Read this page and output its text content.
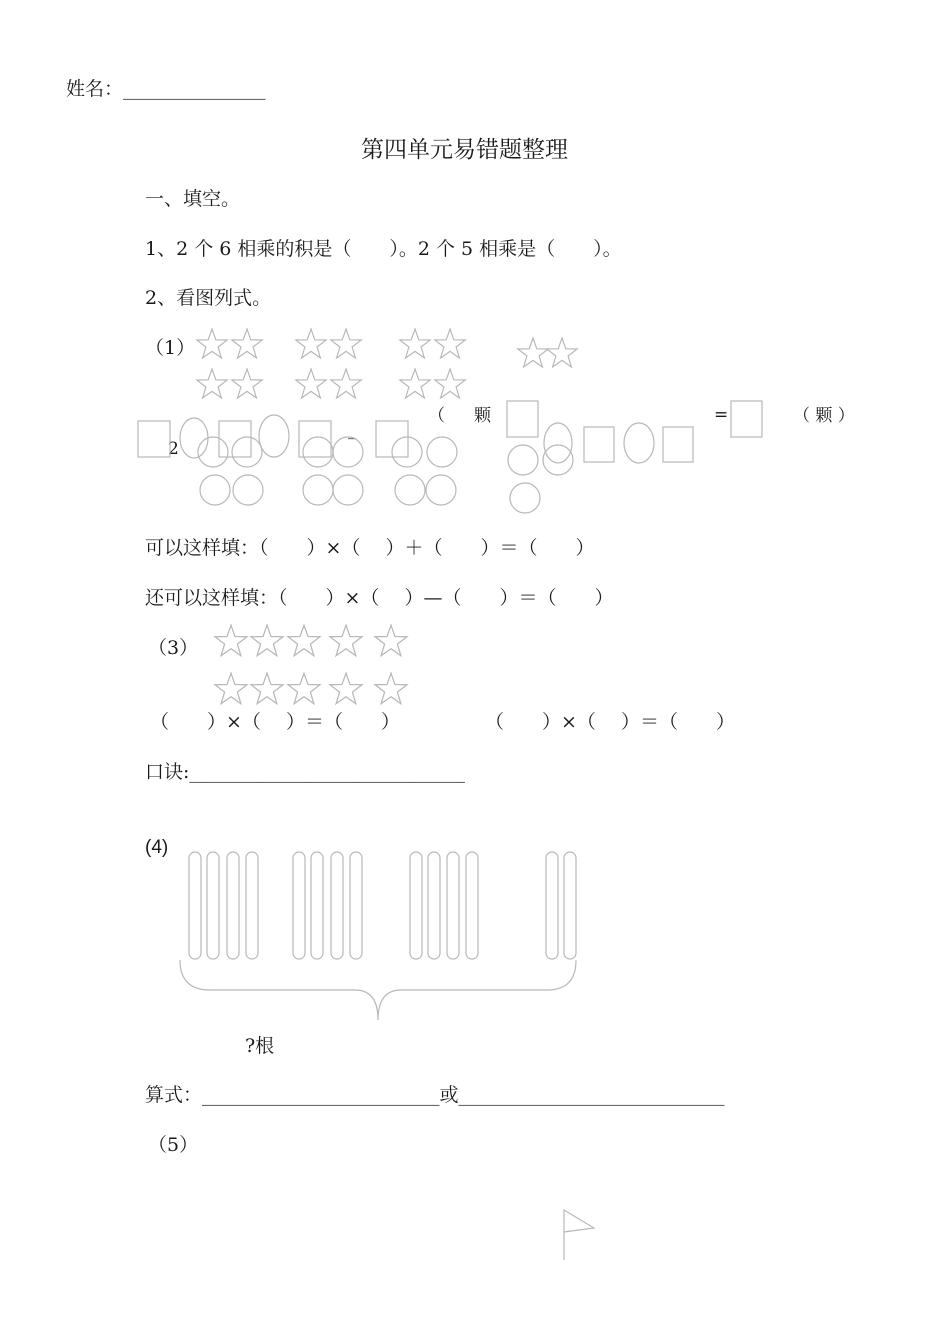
姓名：_______________
第四单元易错题整理
一、填空。
1、2 个 6 相乘的积是（　　）。2 个 5 相乘是（　　）。
2、看图列式。
（1）
（ 颗	=	（ 颗 ）
_
2
可以这样填：（　　）×（　 ）＋（　　）＝（　　）
还可以这样填：（　　）×（　 ）—（　　）＝（　　）
（3）
（　　）×（　 ）＝（　　）	（　　）×（　 ）＝（　　）
口诀:_____________________________
(4)
?根
算式：_________________________或____________________________
（5）
